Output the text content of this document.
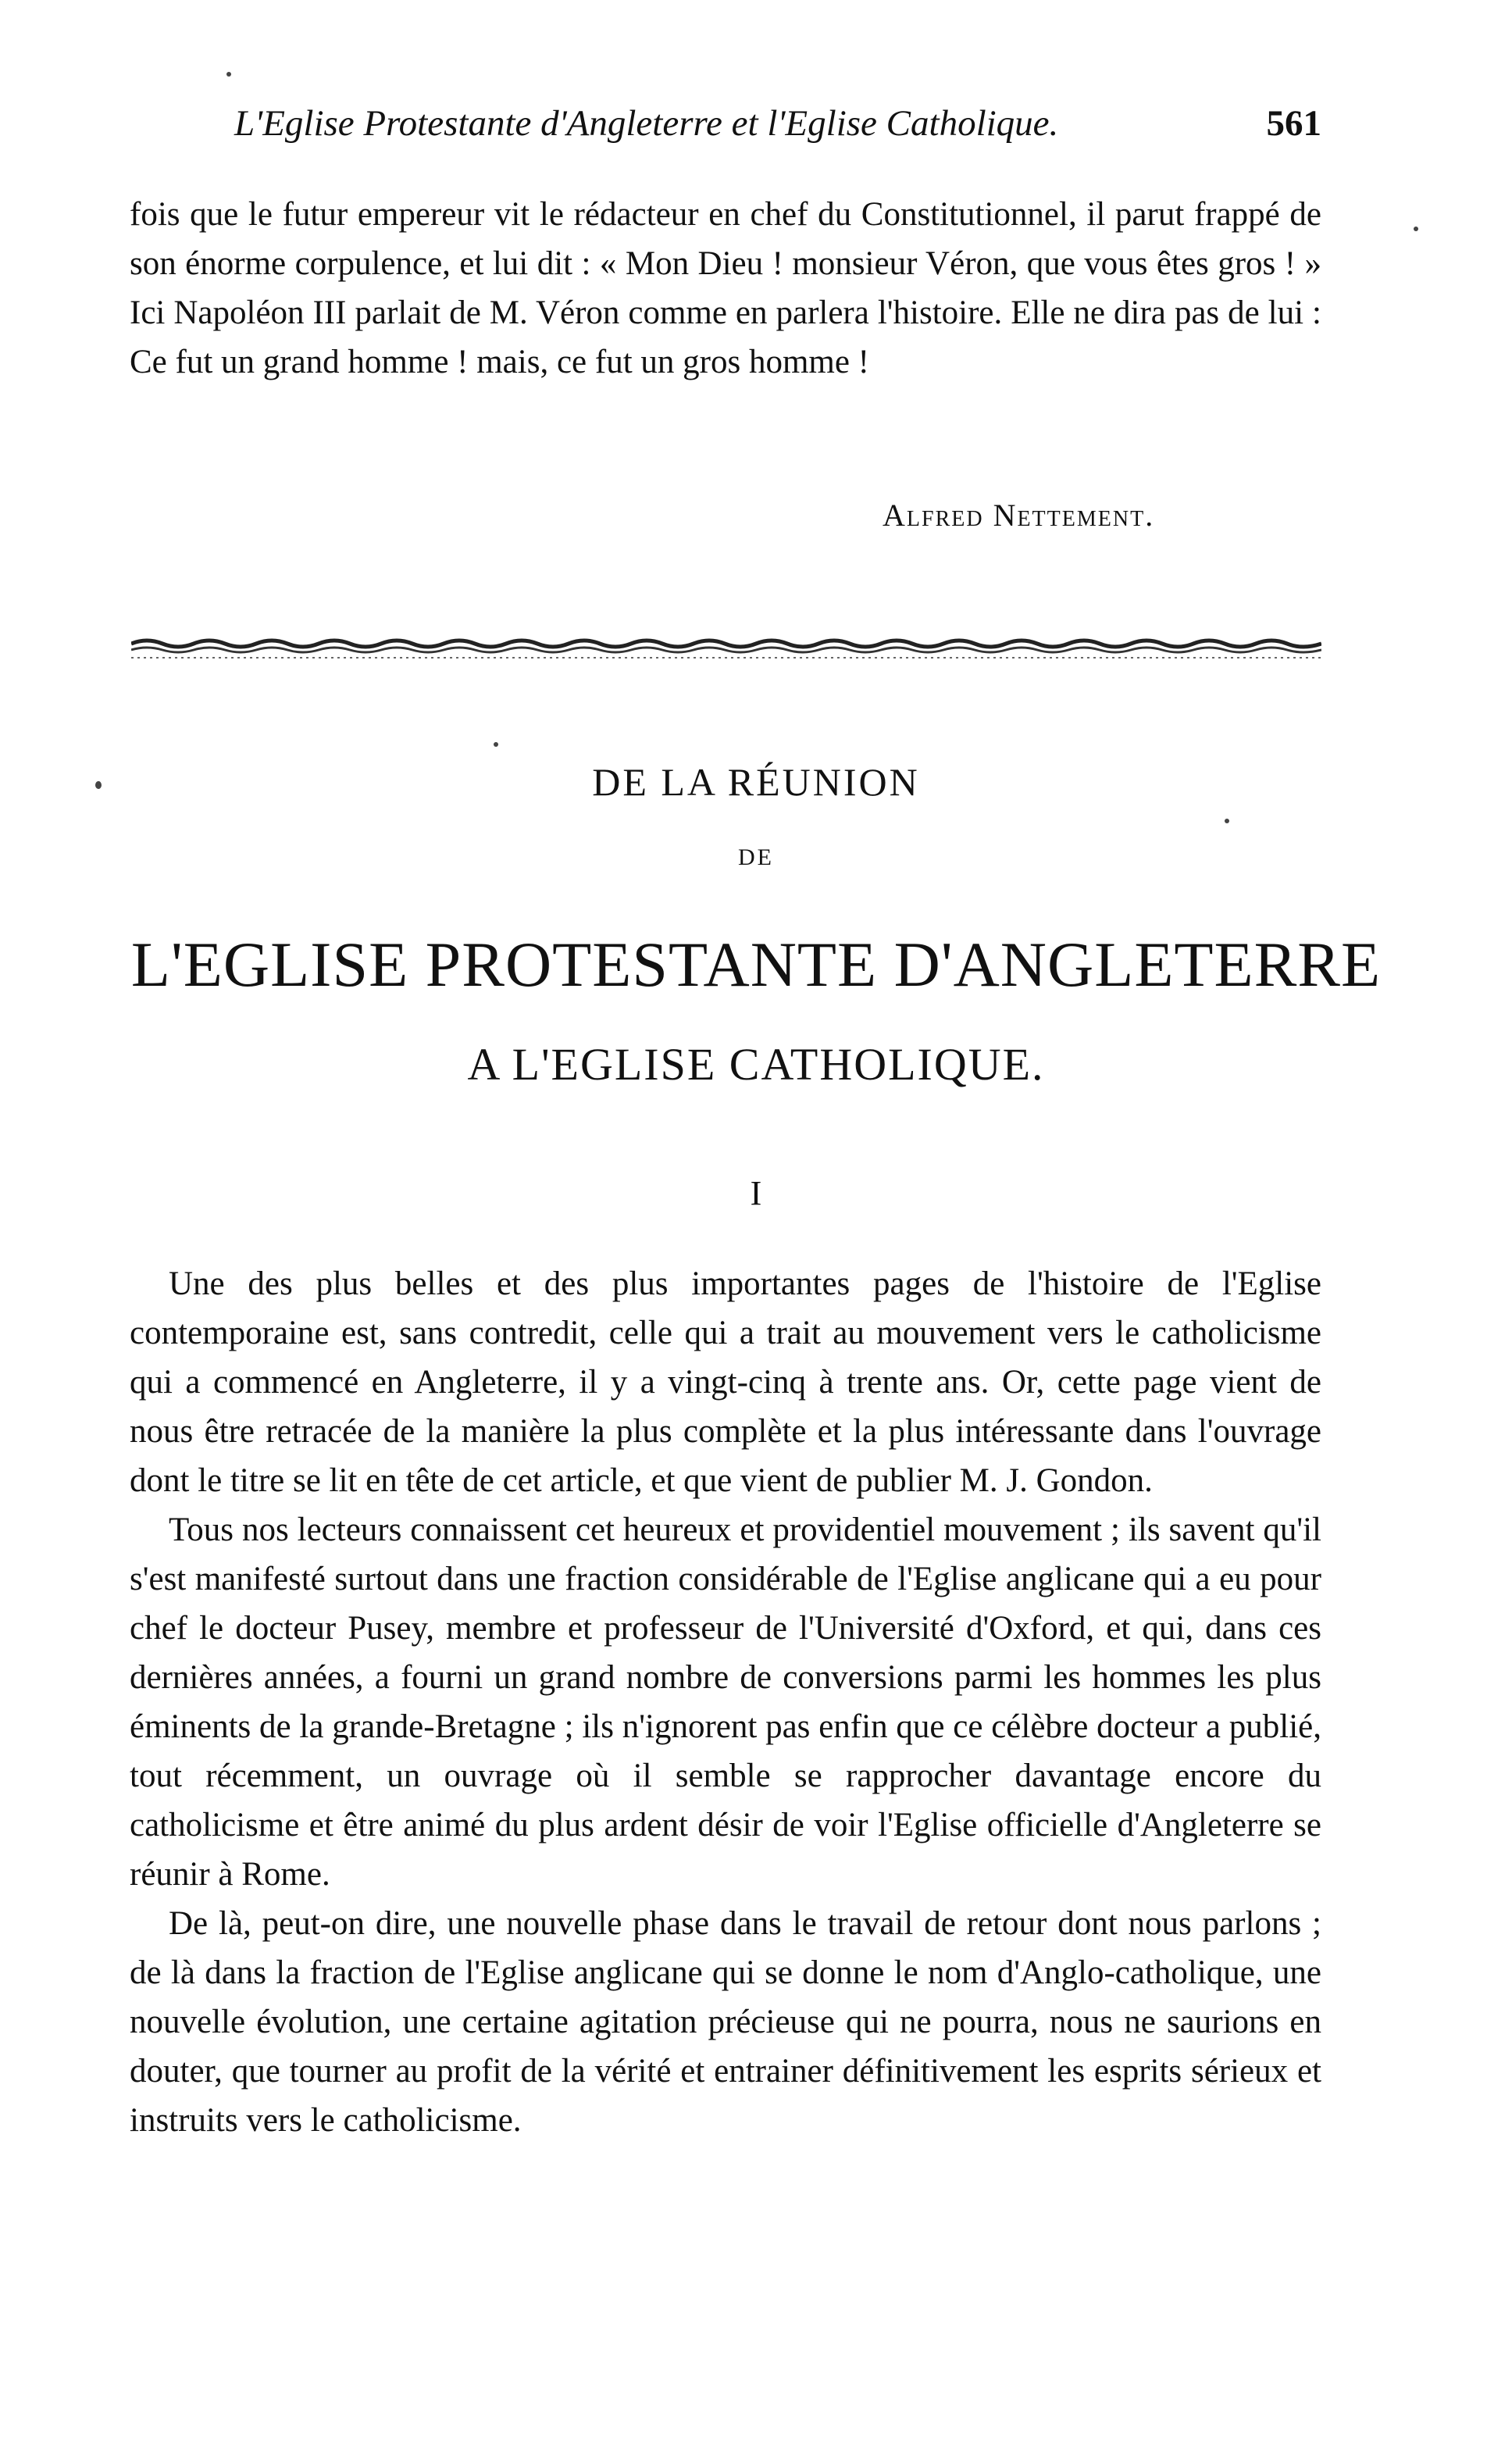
L'Eglise Protestante d'Angleterre et l'Eglise Catholique.	561

fois que le futur empereur vit le rédacteur en chef du Constitutionnel, il parut frappé de son énorme corpulence, et lui dit : « Mon Dieu ! monsieur Véron, que vous êtes gros ! » Ici Napoléon III parlait de M. Véron comme en parlera l'histoire. Elle ne dira pas de lui : Ce fut un grand homme ! mais, ce fut un gros homme !

Alfred Nettement.
DE LA RÉUNION
DE
L'EGLISE PROTESTANTE D'ANGLETERRE
A L'EGLISE CATHOLIQUE.
I

Une des plus belles et des plus importantes pages de l'histoire de l'Eglise contemporaine est, sans contredit, celle qui a trait au mouvement vers le catholicisme qui a commencé en Angleterre, il y a vingt-cinq à trente ans. Or, cette page vient de nous être retracée de la manière la plus complète et la plus intéressante dans l'ouvrage dont le titre se lit en tête de cet article, et que vient de publier M. J. Gondon.

Tous nos lecteurs connaissent cet heureux et providentiel mouvement ; ils savent qu'il s'est manifesté surtout dans une fraction considérable de l'Eglise anglicane qui a eu pour chef le docteur Pusey, membre et professeur de l'Université d'Oxford, et qui, dans ces dernières années, a fourni un grand nombre de conversions parmi les hommes les plus éminents de la grande-Bretagne ; ils n'ignorent pas enfin que ce célèbre docteur a publié, tout récemment, un ouvrage où il semble se rapprocher davantage encore du catholicisme et être animé du plus ardent désir de voir l'Eglise officielle d'Angleterre se réunir à Rome.

De là, peut-on dire, une nouvelle phase dans le travail de retour dont nous parlons ; de là dans la fraction de l'Eglise anglicane qui se donne le nom d'Anglo-catholique, une nouvelle évolution, une certaine agitation précieuse qui ne pourra, nous ne saurions en douter, que tourner au profit de la vérité et entrainer définitivement les esprits sérieux et instruits vers le catholicisme.
